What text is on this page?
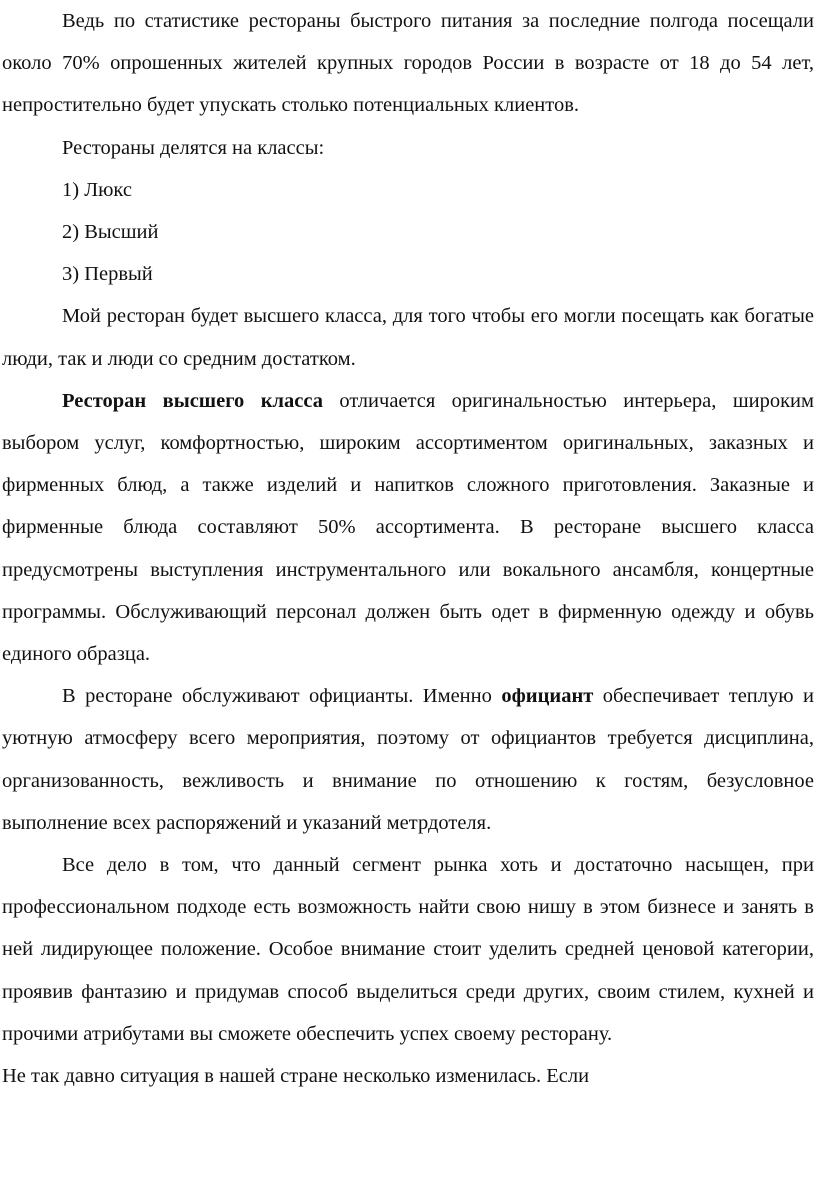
Ведь по статистике рестораны быстрого питания за последние полгода посещали около 70% опрошенных жителей крупных городов России в возрасте от 18 до 54 лет, непростительно будет упускать столько потенциальных клиентов.

Рестораны делятся на классы:

1) Люкс

2) Высший

3) Первый

Мой ресторан будет высшего класса, для того чтобы его могли посещать как богатые люди, так и люди со средним достатком.

Ресторан высшего класса отличается оригинальностью интерьера, широким выбором услуг, комфортностью, широким ассортиментом оригинальных, заказных и фирменных блюд, а также изделий и напитков сложного приготовления. Заказные и фирменные блюда составляют 50% ассортимента. В ресторане высшего класса предусмотрены выступления инструментального или вокального ансамбля, концертные программы. Обслуживающий персонал должен быть одет в фирменную одежду и обувь единого образца.

В ресторане обслуживают официанты. Именно официант обеспечивает теплую и уютную атмосферу всего мероприятия, поэтому от официантов требуется дисциплина, организованность, вежливость и внимание по отношению к гостям, безусловное выполнение всех распоряжений и указаний метрдотеля.

Все дело в том, что данный сегмент рынка хоть и достаточно насыщен, при профессиональном подходе есть возможность найти свою нишу в этом бизнесе и занять в ней лидирующее положение. Особое внимание стоит уделить средней ценовой категории, проявив фантазию и придумав способ выделиться среди других, своим стилем, кухней и прочими атрибутами вы сможете обеспечить успех своему ресторану.

Не так давно ситуация в нашей стране несколько изменилась. Если
